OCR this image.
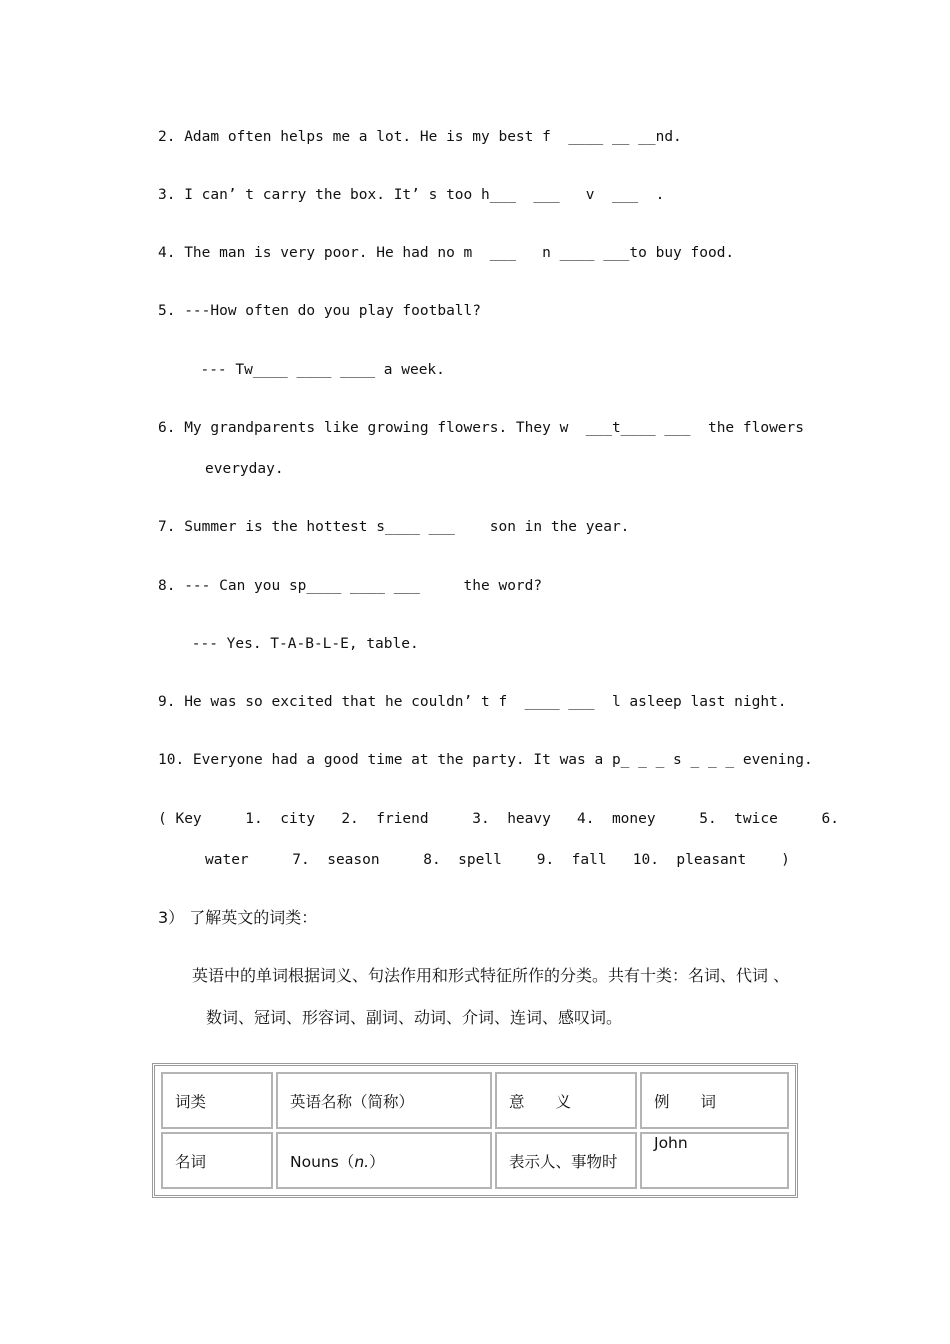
2. Adam often helps me a lot. He is my best f  ____ __ __nd.
3. I can’ t carry the box. It’ s too h___  ___   v  ___  .
4. The man is very poor. He had no m  ___   n ____ ___to buy food.
5. ---How often do you play football?
--- Tw____ ____ ____ a week.
6. My grandparents like growing flowers. They w  ___t____ ___  the flowers
everyday.
7. Summer is the hottest s____ ___    son in the year.
8. --- Can you sp____ ____ ___     the word?
--- Yes. T-A-B-L-E, table.
9. He was so excited that he couldn’ t f  ____ ___  l asleep last night.
10. Everyone had a good time at the party. It was a p_ _ _ s _ _ _ evening.
( Key     1.  city   2.  friend     3.  heavy   4.  money     5.  twice     6.
water     7.  season     8.  spell    9.  fall   10.  pleasant    )
3） 了解英文的词类：
英语中的单词根据词义、句法作用和形式特征所作的分类。共有十类：名词、代词 、
数词、冠词、形容词、副词、动词、介词、连词、感叹词。
词类	英语名称（简称）	意　　义	例　　词
名词	Nouns（n.）	表示人、事物时	John
